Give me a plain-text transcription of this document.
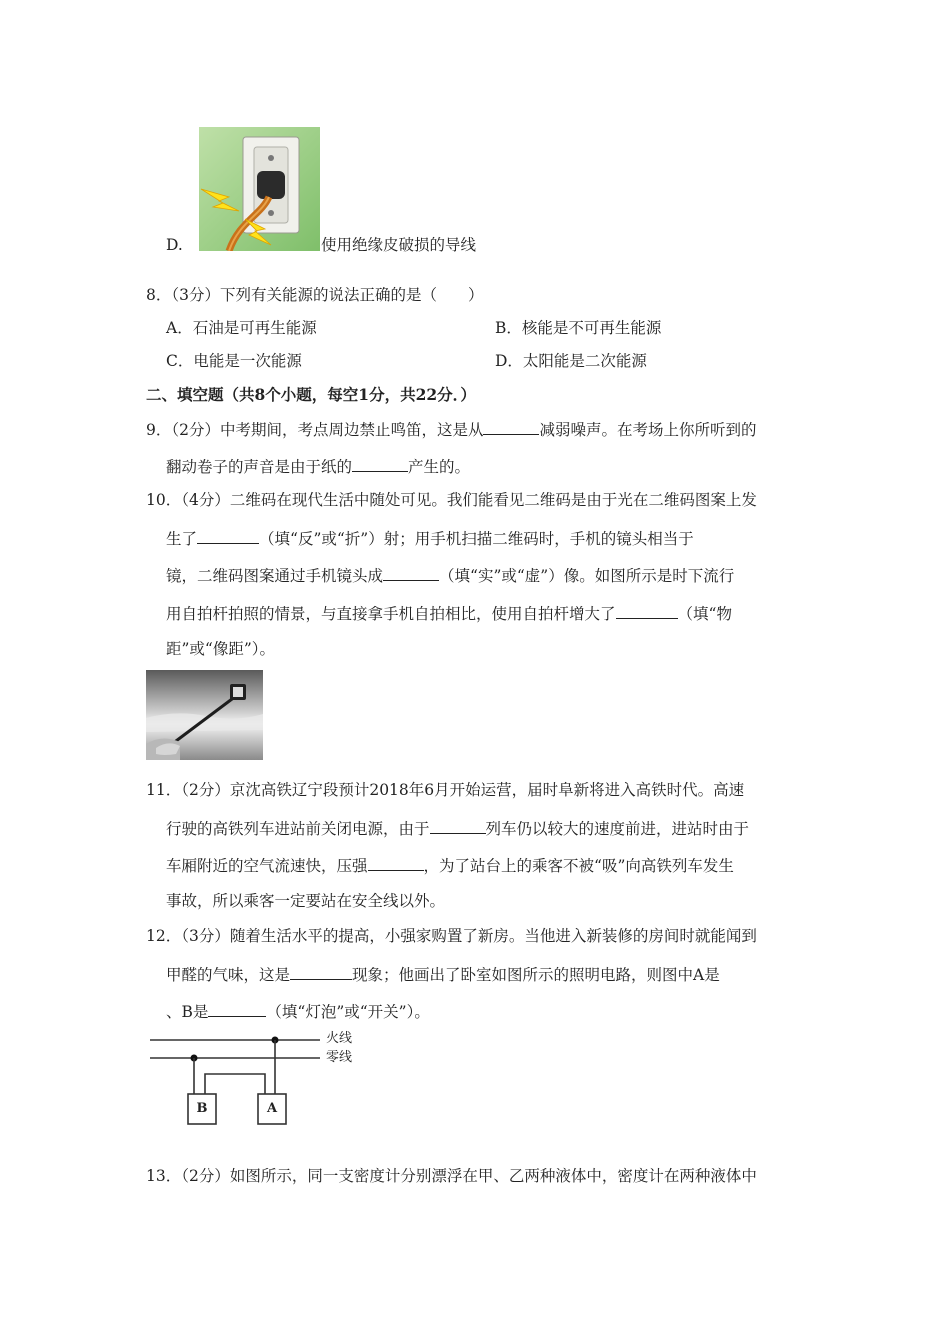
D.	使用绝缘皮破损的导线
8．（3分）下列有关能源的说法正确的是（　　）
A．石油是可再生能源	B．核能是不可再生能源
C．电能是一次能源	D．太阳能是二次能源
二、填空题（共8个小题，每空1分，共22分．）
9．（2分）中考期间，考点周边禁止鸣笛，这是从	减弱噪声。在考场上你所听到的
翻动卷子的声音是由于纸的	产生的。
10．（4分）二维码在现代生活中随处可见。我们能看见二维码是由于光在二维码图案上发
生了	（填“反”或“折”）射；用手机扫描二维码时，手机的镜头相当于
镜，二维码图案通过手机镜头成	（填“实”或“虚”）像。如图所示是时下流行
用自拍杆拍照的情景，与直接拿手机自拍相比，使用自拍杆增大了	（填“物
距”或“像距”）。
11．（2分）京沈高铁辽宁段预计2018年6月开始运营，届时阜新将进入高铁时代。高速
行驶的高铁列车进站前关闭电源，由于	列车仍以较大的速度前进，进站时由于
车厢附近的空气流速快，压强	，为了站台上的乘客不被“吸”向高铁列车发生
事故，所以乘客一定要站在安全线以外。
12．（3分）随着生活水平的提高，小强家购置了新房。当他进入新装修的房间时就能闻到
甲醛的气味，这是	现象；他画出了卧室如图所示的照明电路，则图中A是
、B是	（填“灯泡”或“开关”）。
火线
零线
B	A
13．（2分）如图所示，同一支密度计分别漂浮在甲、乙两种液体中，密度计在两种液体中
